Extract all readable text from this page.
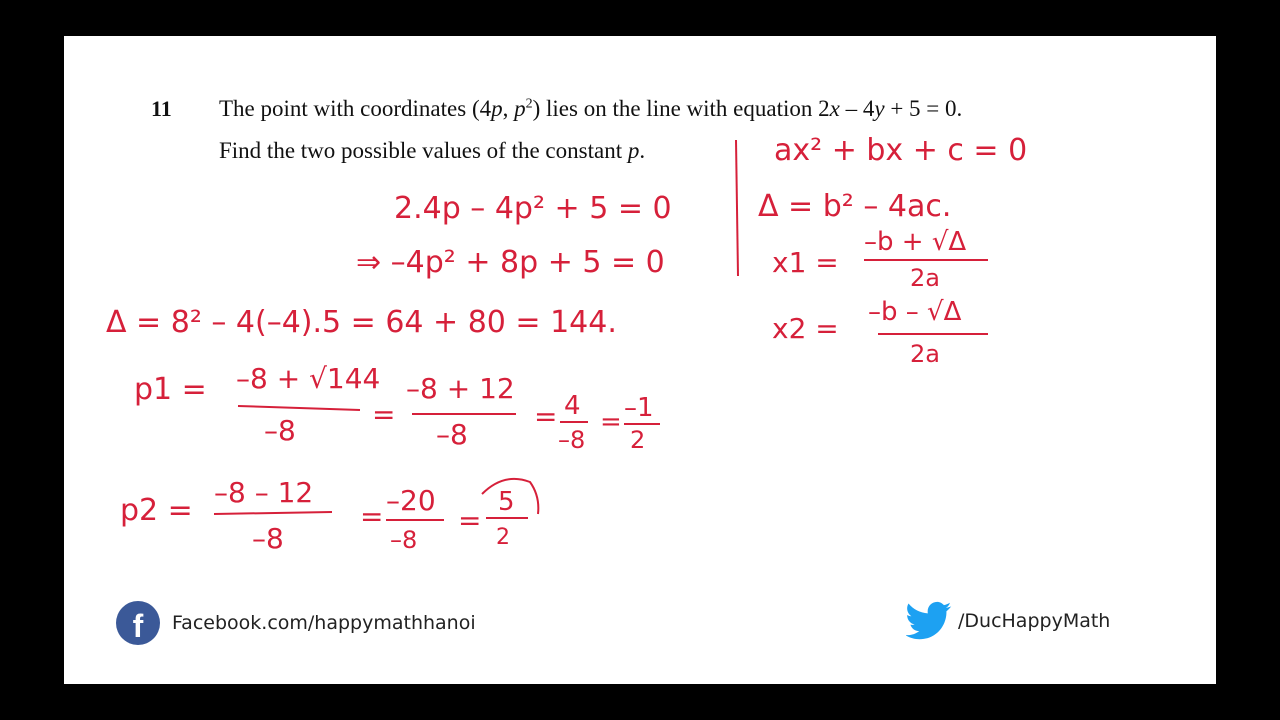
11 The point with coordinates (4p, $p^2$) lies on the line with equation 2x – 4y + 5 = 0.
Find the two possible values of the constant p.
2.4p – 4p² + 5 = 0
⇒ –4p² + 8p + 5 = 0
Δ = 8² – 4(–4).5 = 64 + 80 = 144.
p1 = –8 + √144
–8	=
–8 + 12
–8
= 4
–8
= –1
2
p2 =
–8 – 12
–8
= –20
–8
=
5
2
ax² + bx + c = 0
Δ = b² – 4ac.
x1 =
–b + √Δ
2a
x2 = –b – √Δ
2a
f Facebook.com/happymathhanoi	/DucHappyMath
